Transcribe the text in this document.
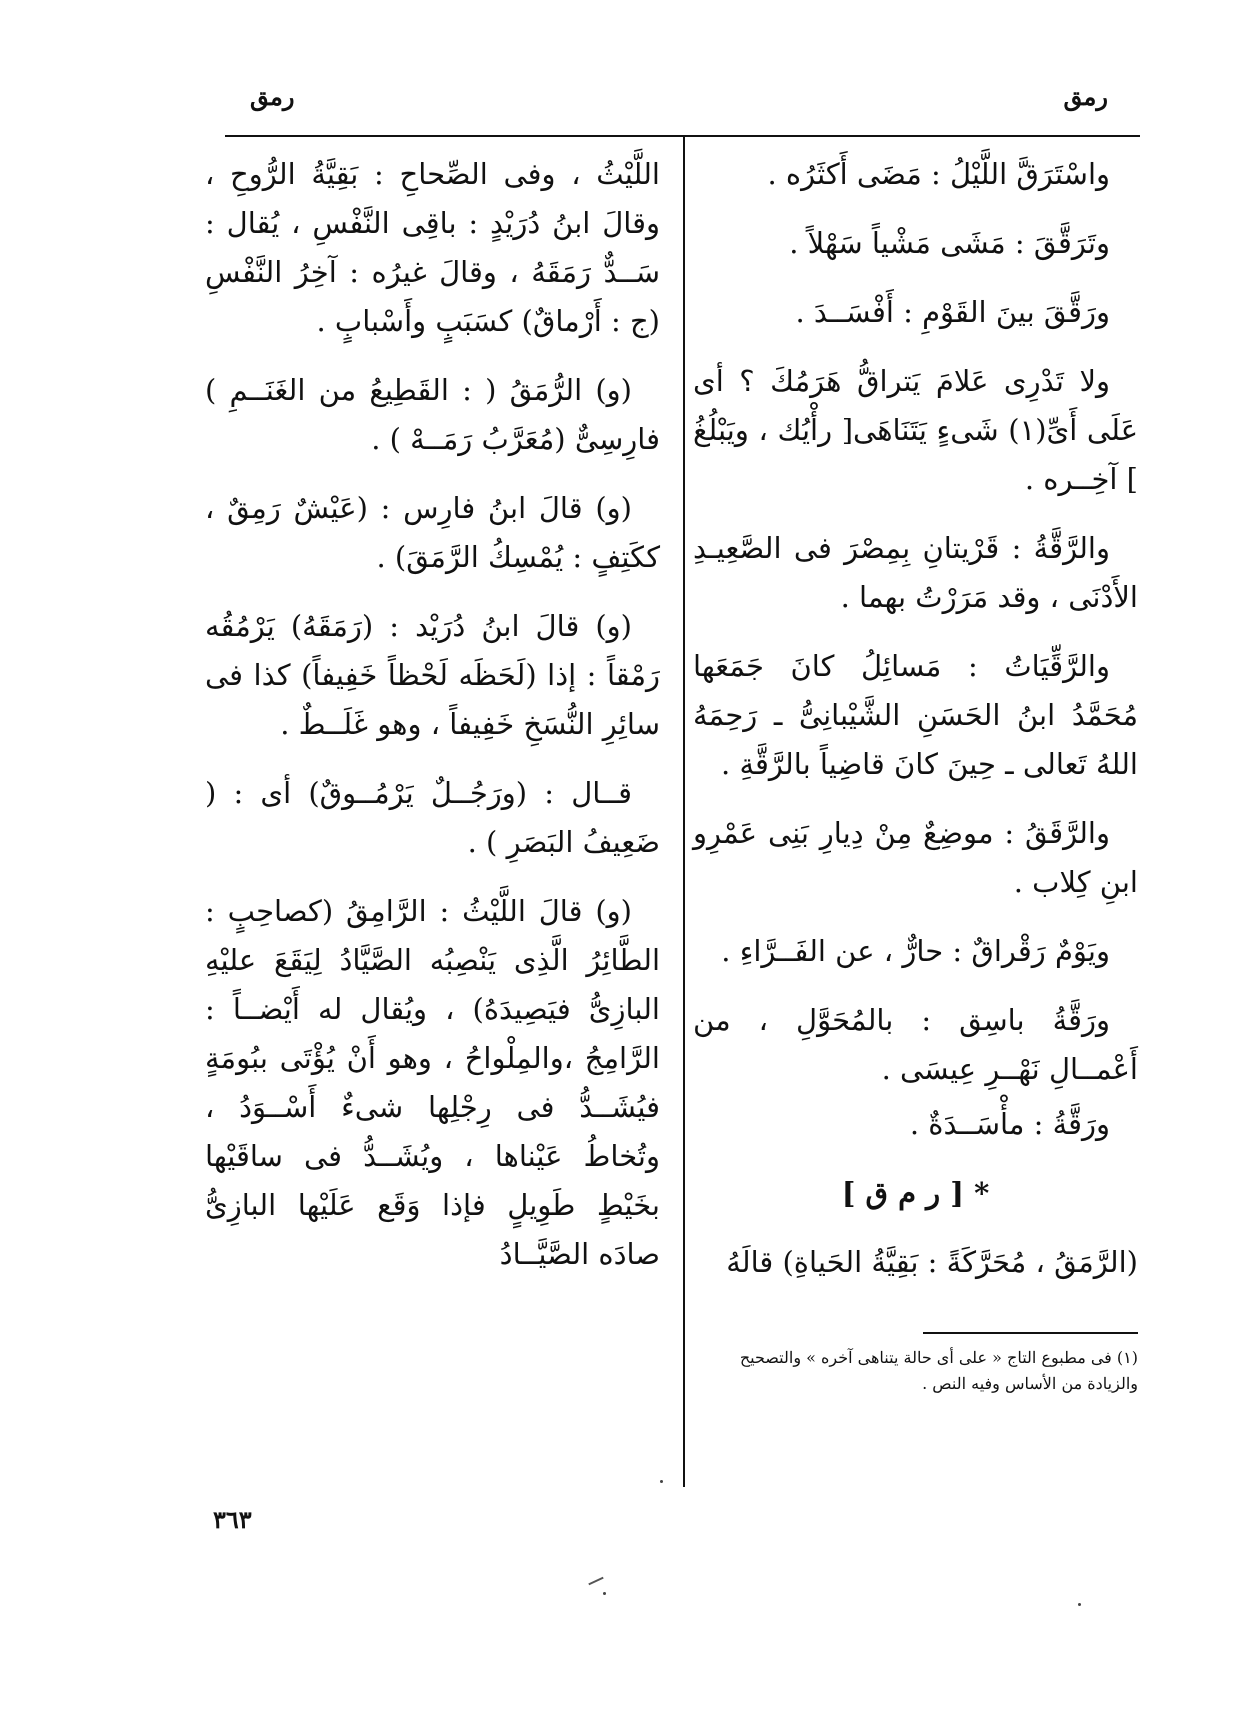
رمق
رمق

واسْتَرَقَّ اللَّيْلُ : مَضَى أَكثَرُه .

وتَرَقَّقَ : مَشَى مَشْياً سَهْلاً .

ورَقَّقَ بينَ القَوْمِ : أَفْسَــدَ .

ولا تَدْرِى عَلامَ يَتراقُّ هَرَمُكَ ؟ أى عَلَى أَىِّ(١) شَىءٍ يَتَنَاهَى[ رأْيُك ، ويَبْلُغُ ] آخِــره .

والرَّقَّةُ : قَرْيتانِ بِمِصْرَ فى الصَّعِيـدِ الأَدْنَى ، وقد مَرَرْتُ بهما .

والرَّقِّيَاتُ : مَسائِلُ كانَ جَمَعَها مُحَمَّدُ ابنُ الحَسَنِ الشَّيْبانِىُّ ـ رَحِمَهُ اللهُ تَعالى ـ حِينَ كانَ قاضِياً بالرَّقَّةِ .

والرَّقَقُ : موضِعٌ مِنْ دِيارِ بَنِى عَمْرِو ابنِ كِلاب .

ويَوْمٌ رَقْراقٌ : حارٌّ ، عن الفَــرَّاءِ .

ورَقَّةُ باسِق : بالمُحَوَّلِ ، من أَعْمــالِ نَهْــرِ عِيسَى .

ورَقَّةُ : مأْسَــدَةٌ .

* [ ر م ق ]

(الرَّمَقُ ، مُحَرَّكَةً : بَقِيَّةُ الحَياةِ) قالَهُ

اللَّيْثُ ، وفى الصِّحاحِ : بَقِيَّةُ الرُّوحِ ، وقالَ ابنُ دُرَيْدٍ : باقِى النَّفْسِ ، يُقال : سَــدٌّ رَمَقَهُ ، وقالَ غيرُه : آخِرُ النَّفْسِ (ج : أَرْماقٌ) كسَبَبٍ وأَسْبابٍ .

(و) الرُّمَقُ ( : القَطِيعُ من الغَنَــمِ ) فارِسِىٌّ (مُعَرَّبُ رَمَــهْ ) .

(و) قالَ ابنُ فارِس : (عَيْشٌ رَمِقٌ ، ككَتِفٍ : يُمْسِكُ الرَّمَقَ) .

(و) قالَ ابنُ دُرَيْد : (رَمَقَهُ) يَرْمُقُه رَمْقاً : إذا (لَحَظَه لَحْظاً خَفِيفاً) كذا فى سائِرِ النُّسَخِ خَفِيفاً ، وهو غَلَــطٌ .

قــال : (ورَجُــلٌ يَرْمُــوقٌ) أى : ( ضَعِيفُ البَصَرِ ) .

(و) قالَ اللَّيْثُ : الرَّامِقُ (كصاحِبٍ : الطَّائِرُ الَّذِى يَنْصِبُه الصَّيَّادُ لِيَقَعَ عليْهِ البازِىُّ فيَصِيدَهُ) ، ويُقال له أَيْضــاً : الرَّامِجُ ،والمِلْواحُ ، وهو أَنْ يُؤْتَى ببُومَةٍ فيُشَــدُّ فى رِجْلِها شىءٌ أَسْــوَدُ ، وتُخاطُ عَيْناها ، ويُشَــدُّ فى ساقَيْها بخَيْطٍ طَوِيلٍ فإذا وَقَع عَلَيْها البازِىُّ صادَه الصَّيَّــادُ

(١) فى مطبوع التاج « على أى حالة يتناهى آخره » والتصحيح والزيادة من الأساس وفيه النص .
٣٦٣
